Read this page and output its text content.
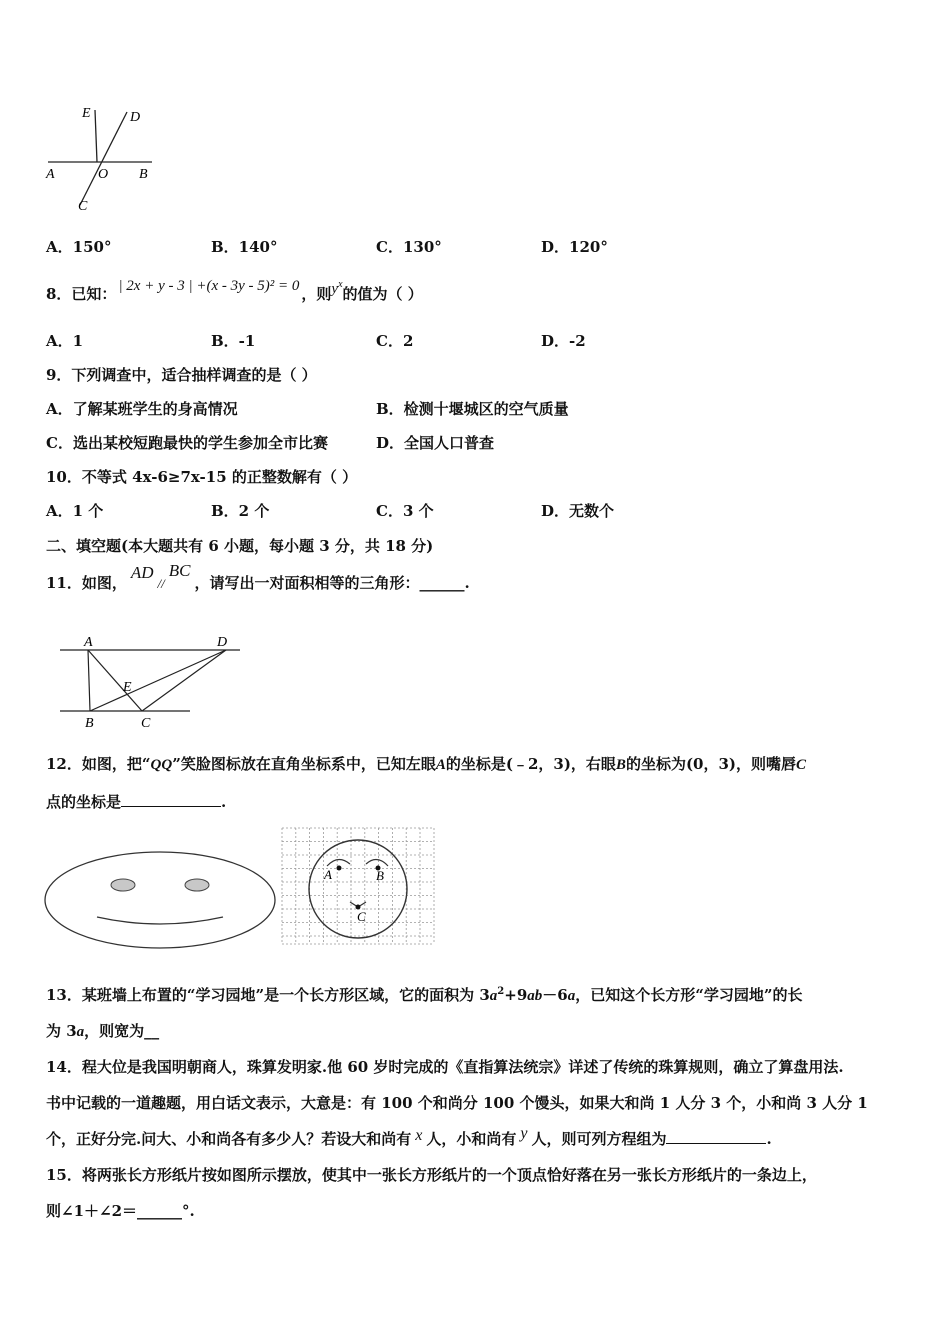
E	D
A	O B
C
A．150°	B．140°	C．130°	D．120°
8．已知： | 2x + y - 3 | +(x - 3y - 5)² = 0 ，则$y^x$的值为（ ）
A．1	B．-1	C．2	D．-2
9．下列调查中，适合抽样调查的是（ ）
A．了解某班学生的身高情况	B．检测十堰城区的空气质量
C．选出某校短跑最快的学生参加全市比赛	D．全国人口普查
10．不等式 4x-6≥7x-15 的正整数解有（ ）
A．1 个	B．2 个	C．3 个	D．无数个
二、填空题(本大题共有 6 小题，每小题 3 分，共 18 分)
11．如图，AD//BC，请写出一对面积相等的三角形：______.
A	D
E
B	C
12．如图，把“QQ”笑脸图标放在直角坐标系中，已知左眼A的坐标是(﹣2，3)，右眼B的坐标为(0，3)，则嘴唇C
点的坐标是	.
A	B
C
13．某班墙上布置的“学习园地”是一个长方形区域，它的面积为 $3a^2+9ab-6a$，已知这个长方形“学习园地”的长
为 3a，则宽为__
14．程大位是我国明朝商人，珠算发明家.他 60 岁时完成的《直指算法统宗》详述了传统的珠算规则，确立了算盘用法.
书中记载的一道趣题，用白话文表示，大意是：有 100 个和尚分 100 个馒头，如果大和尚 1 人分 3 个，小和尚 3 人分 1
个，正好分完.问大、小和尚各有多少人？若设大和尚有 x 人，小和尚有 y 人，则可列方程组为	.
15．将两张长方形纸片按如图所示摆放，使其中一张长方形纸片的一个顶点恰好落在另一张长方形纸片的一条边上，
则∠1＋∠2＝______°.
